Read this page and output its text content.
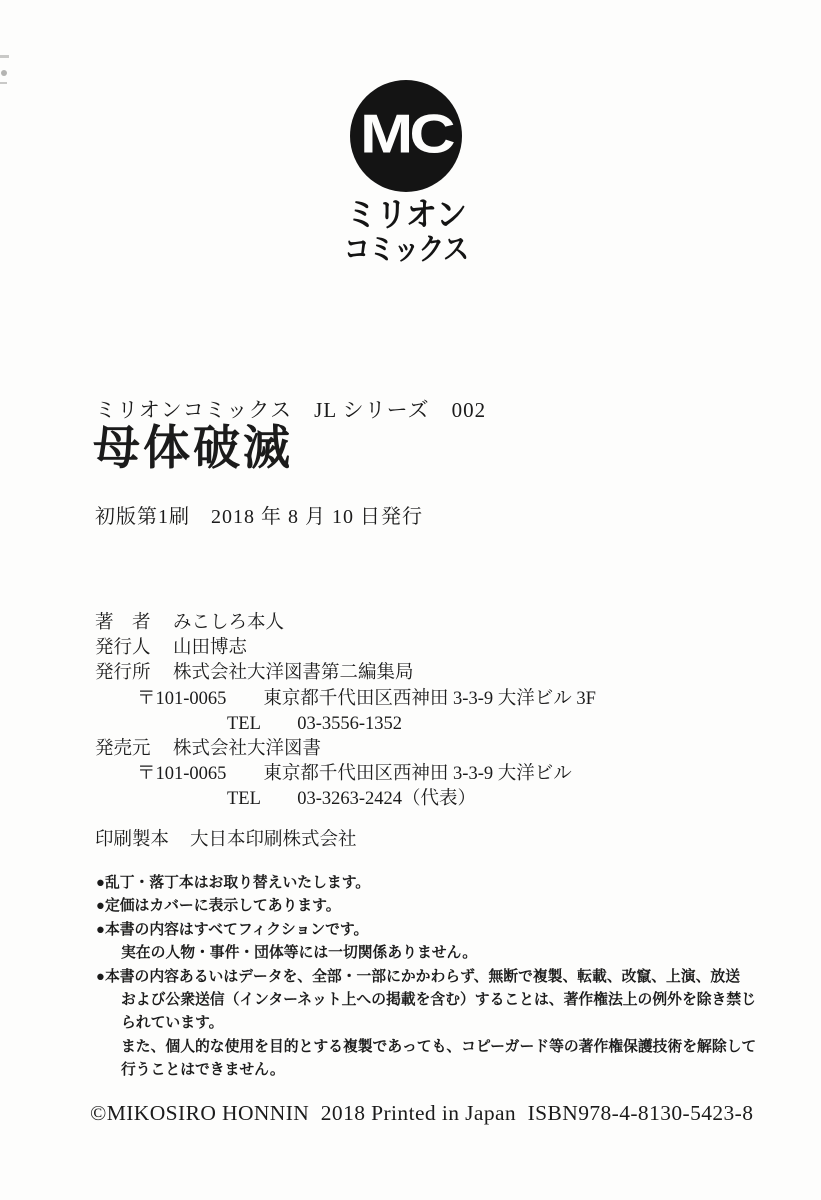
MC
ミリオン
コミックス
ミリオンコミックス　JL シリーズ　002
母体破滅
初版第1刷　2018 年 8 月 10 日発行
著　者	みこしろ本人
発行人	山田博志
発行所	株式会社大洋図書第二編集局
〒101-0065　　東京都千代田区西神田 3-3-9 大洋ビル 3F
TEL　　03-3556-1352
発売元	株式会社大洋図書
〒101-0065　　東京都千代田区西神田 3-3-9 大洋ビル
TEL　　03-3263-2424（代表）
印刷製本	大日本印刷株式会社
●乱丁・落丁本はお取り替えいたします。
●定価はカバーに表示してあります。
●本書の内容はすべてフィクションです。
実在の人物・事件・団体等には一切関係ありません。
●本書の内容あるいはデータを、全部・一部にかかわらず、無断で複製、転載、改竄、上演、放送
および公衆送信（インターネット上への掲載を含む）することは、著作権法上の例外を除き禁じ
られています。
また、個人的な使用を目的とする複製であっても、コピーガード等の著作権保護技術を解除して
行うことはできません。
©MIKOSIRO HONNIN  2018 Printed in Japan  ISBN978-4-8130-5423-8
